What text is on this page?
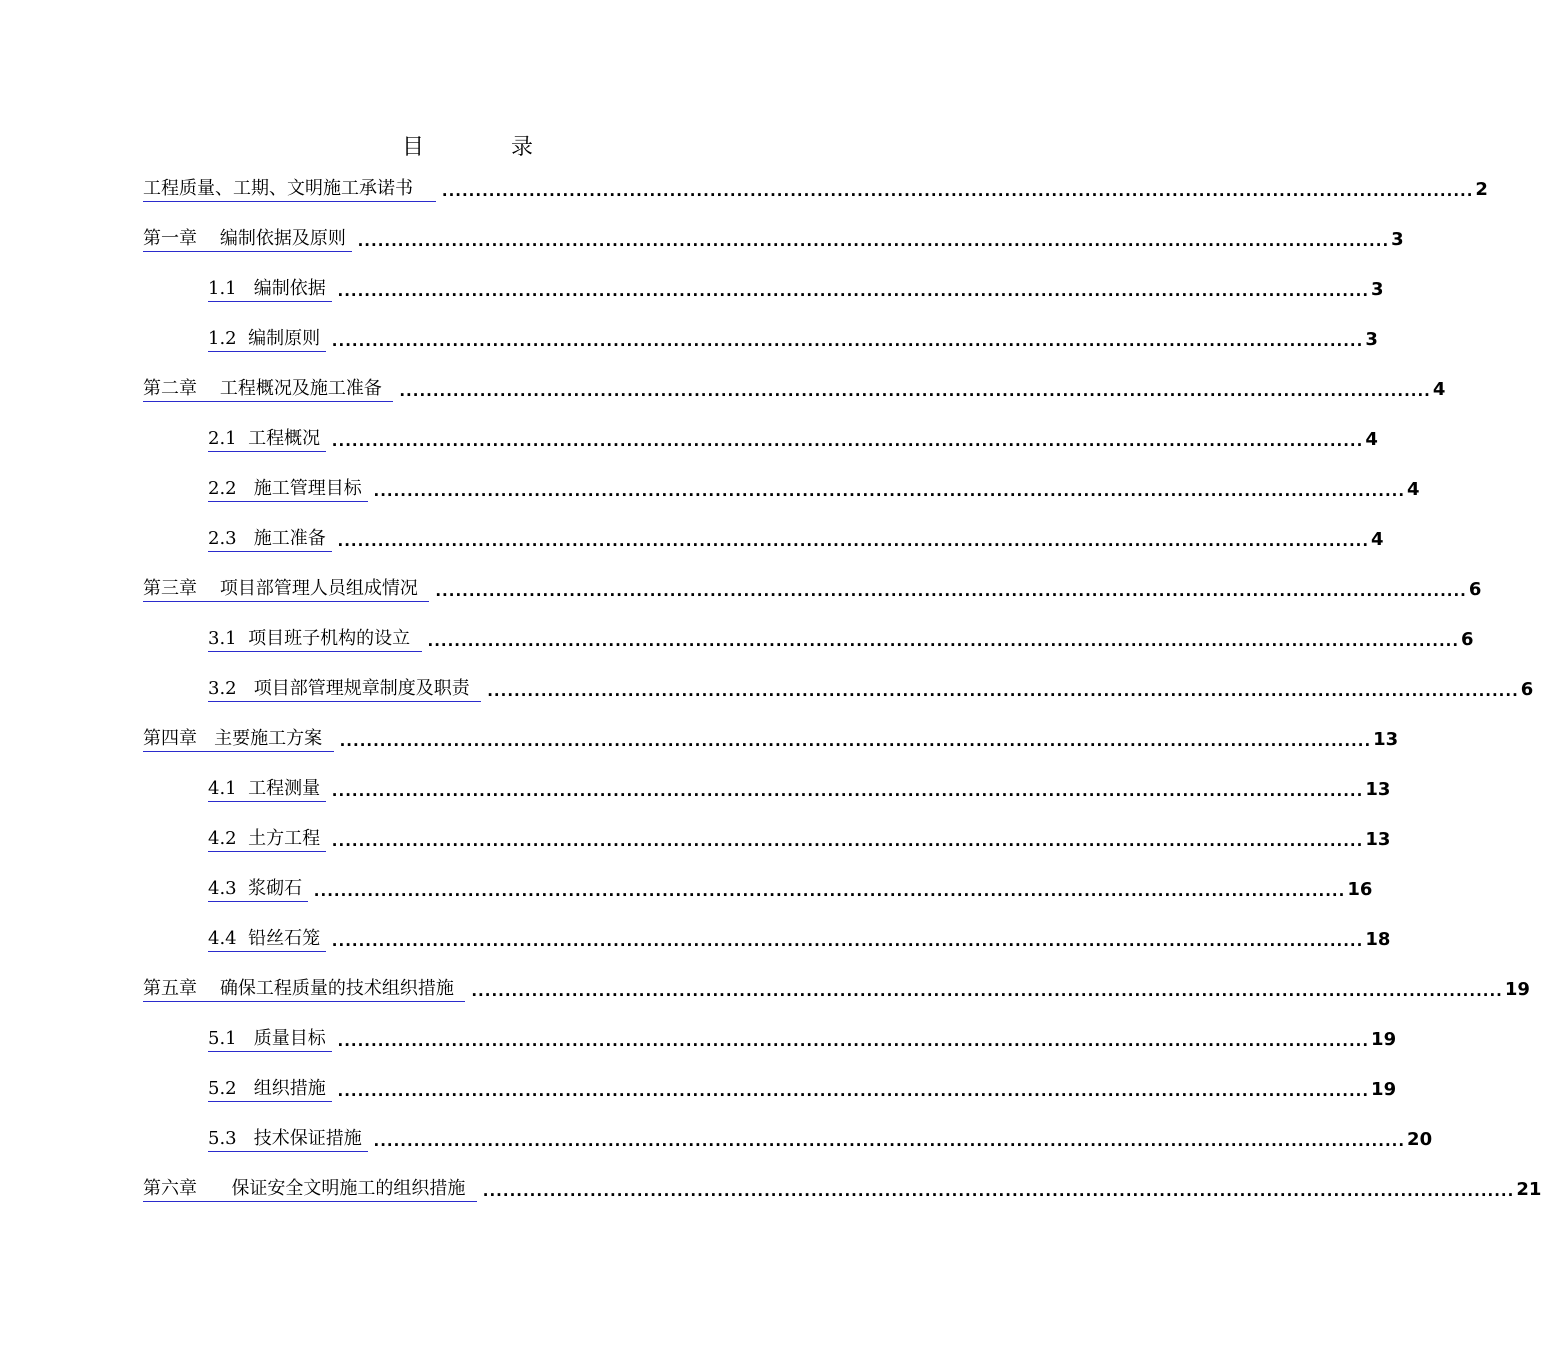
目 录
工程质量、工期、文明施工承诺书 .......................................................................................................................................................... 2
第一章    编制依据及原则 .......................................................................................................................................................... 3
1.1   编制依据 .......................................................................................................................................................... 3
1.2  编制原则 .......................................................................................................................................................... 3
第二章    工程概况及施工准备 .......................................................................................................................................................... 4
2.1  工程概况 .......................................................................................................................................................... 4
2.2   施工管理目标 .......................................................................................................................................................... 4
2.3   施工准备 .......................................................................................................................................................... 4
第三章    项目部管理人员组成情况 .......................................................................................................................................................... 6
3.1  项目班子机构的设立 .......................................................................................................................................................... 6
3.2   项目部管理规章制度及职责 .......................................................................................................................................................... 6
第四章   主要施工方案 .......................................................................................................................................................... 13
4.1  工程测量 .......................................................................................................................................................... 13
4.2  土方工程 .......................................................................................................................................................... 13
4.3  浆砌石 .......................................................................................................................................................... 16
4.4  铅丝石笼 .......................................................................................................................................................... 18
第五章    确保工程质量的技术组织措施 .......................................................................................................................................................... 19
5.1   质量目标 .......................................................................................................................................................... 19
5.2   组织措施 .......................................................................................................................................................... 19
5.3   技术保证措施 .......................................................................................................................................................... 20
第六章      保证安全文明施工的组织措施 .......................................................................................................................................................... 21
